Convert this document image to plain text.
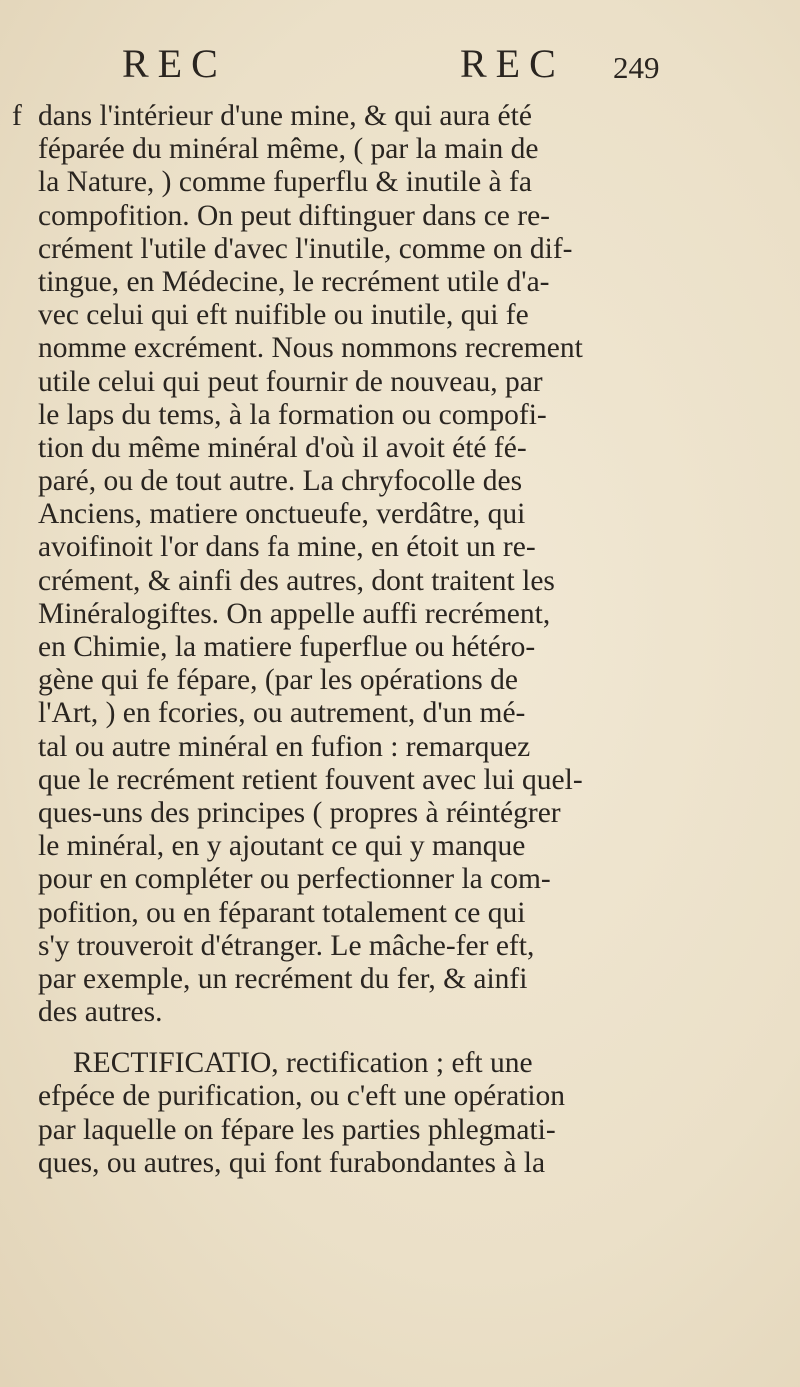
REC	REC 249
f dans l'intérieur d'une mine, & qui aura été
féparée du minéral même, ( par la main de
la Nature, ) comme fuperflu & inutile à fa
compofition. On peut diftinguer dans ce re-
crément l'utile d'avec l'inutile, comme on dif-
tingue, en Médecine, le recrément utile d'a-
vec celui qui eft nuifible ou inutile, qui fe
nomme excrément. Nous nommons recrement
utile celui qui peut fournir de nouveau, par
le laps du tems, à la formation ou compofi-
tion du même minéral d'où il avoit été fé-
paré, ou de tout autre. La chryfocolle des
Anciens, matiere onctueufe, verdâtre, qui
avoifinoit l'or dans fa mine, en étoit un re-
crément, & ainfi des autres, dont traitent les
Minéralogiftes. On appelle auffi recrément,
en Chimie, la matiere fuperflue ou hétéro-
gène qui fe fépare, (par les opérations de
l'Art, ) en fcories, ou autrement, d'un mé-
tal ou autre minéral en fufion : remarquez
que le recrément retient fouvent avec lui quel-
ques-uns des principes ( propres à réintégrer
le minéral, en y ajoutant ce qui y manque
pour en compléter ou perfectionner la com-
pofition, ou en féparant totalement ce qui
s'y trouveroit d'étranger. Le mâche-fer eft,
par exemple, un recrément du fer, & ainfi
des autres.
RECTIFICATIO, rectification ; eft une
efpéce de purification, ou c'eft une opération
par laquelle on fépare les parties phlegmati-
ques, ou autres, qui font furabondantes à la
